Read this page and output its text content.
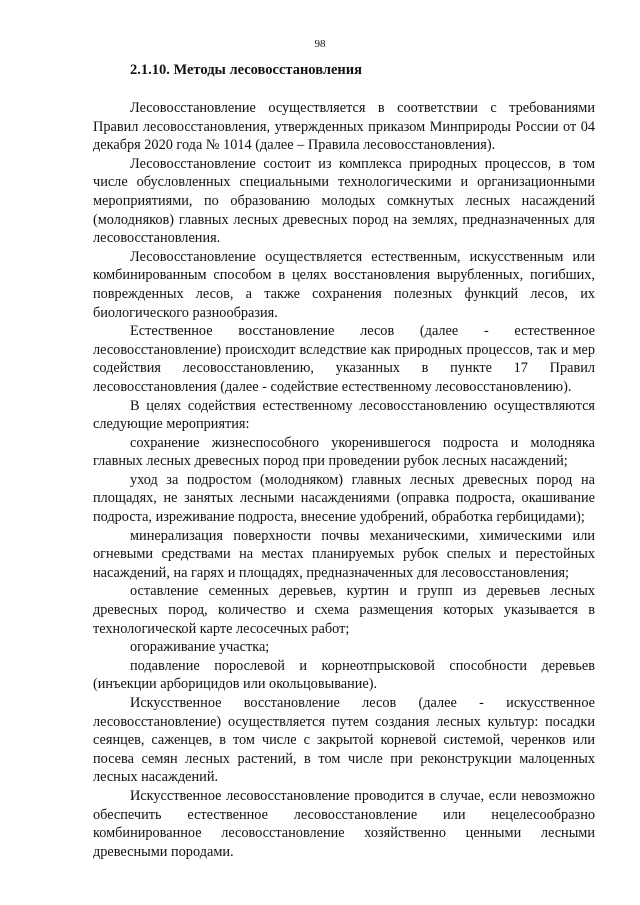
98
2.1.10. Методы лесовосстановления

Лесовосстановление осуществляется в соответствии с требованиями Правил лесовосстановления, утвержденных приказом Минприроды России от 04 декабря 2020 года № 1014 (далее – Правила лесовосстановления).

Лесовосстановление состоит из комплекса природных процессов, в том числе обусловленных специальными технологическими и организационными мероприятиями, по образованию молодых сомкнутых лесных насаждений (молодняков) главных лесных древесных пород на землях, предназначенных для лесовосстановления.

Лесовосстановление осуществляется естественным, искусственным или комбинированным способом в целях восстановления вырубленных, погибших, поврежденных лесов, а также сохранения полезных функций лесов, их биологического разнообразия.

Естественное восстановление лесов (далее - естественное лесовосстановление) происходит вследствие как природных процессов, так и мер содействия лесовосстановлению, указанных в пункте 17 Правил лесовосстановления (далее - содействие естественному лесовосстановлению).

В целях содействия естественному лесовосстановлению осуществляются следующие мероприятия:

сохранение жизнеспособного укоренившегося подроста и молодняка главных лесных древесных пород при проведении рубок лесных насаждений;

уход за подростом (молодняком) главных лесных древесных пород на площадях, не занятых лесными насаждениями (оправка подроста, окашивание подроста, изреживание подроста, внесение удобрений, обработка гербицидами);

минерализация поверхности почвы механическими, химическими или огневыми средствами на местах планируемых рубок спелых и перестойных насаждений, на гарях и площадях, предназначенных для лесовосстановления;

оставление семенных деревьев, куртин и групп из деревьев лесных древесных пород, количество и схема размещения которых указывается в технологической карте лесосечных работ;

огораживание участка;

подавление порослевой и корнеотпрысковой способности деревьев (инъекции арборицидов или окольцовывание).

Искусственное восстановление лесов (далее - искусственное лесовосстановление) осуществляется путем создания лесных культур: посадки сеянцев, саженцев, в том числе с закрытой корневой системой, черенков или посева семян лесных растений, в том числе при реконструкции малоценных лесных насаждений.

Искусственное лесовосстановление проводится в случае, если невозможно обеспечить естественное лесовосстановление или нецелесообразно комбинированное лесовосстановление хозяйственно ценными лесными древесными породами.
